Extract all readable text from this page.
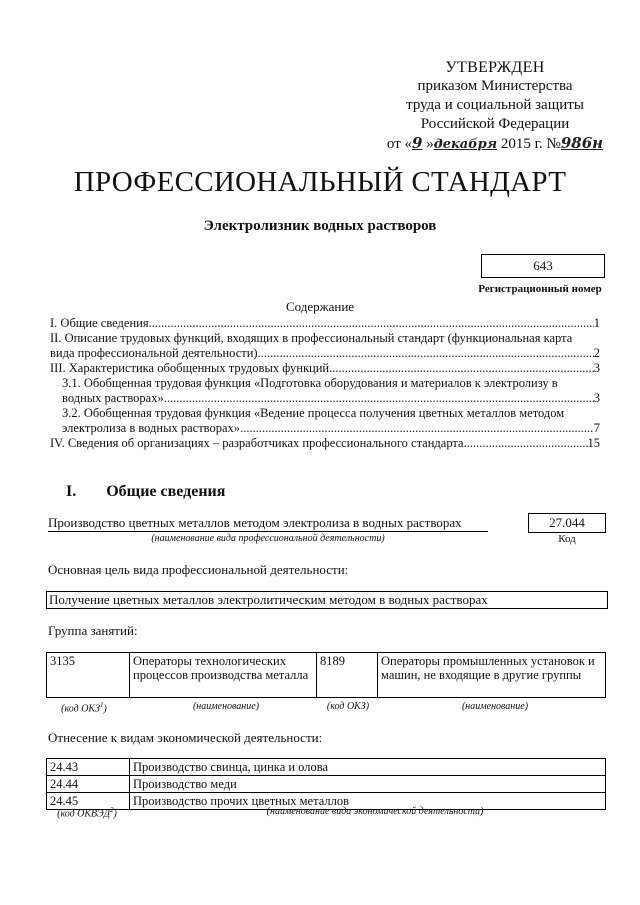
УТВЕРЖДЕН
приказом Министерства
труда и социальной защиты
Российской Федерации
от «9 »декабря 2015 г. №986н
ПРОФЕССИОНАЛЬНЫЙ СТАНДАРТ
Электролизник водных растворов
643
Регистрационный номер
Содержание
I. Общие сведения .....	1
II. Описание трудовых функций, входящих в профессиональный стандарт (функциональная карта
вида профессиональной деятельности) .....	2
III. Характеристика обобщенных трудовых функций .....	3
3.1. Обобщенная трудовая функция «Подготовка оборудования и материалов к электролизу в
водных растворах» .....	3
3.2. Обобщенная трудовая функция «Ведение процесса получения цветных металлов методом
электролиза в водных растворах» .....	7
IV. Сведения об организациях – разработчиках профессионального стандарта .....	15
I. Общие сведения
Производство цветных металлов методом электролиза в водных растворах
(наименование вида профессиональной деятельности)
27.044
Код
Основная цель вида профессиональной деятельности:
Получение цветных металлов электролитическим методом в водных растворах
Группа занятий:
3135	Операторы технологических процессов производства металла	8189	Операторы промышленных установок и машин, не входящие в другие группы
(код ОКЗ$^1$)	(наименование)	(код ОКЗ)	(наименование)
Отнесение к видам экономической деятельности:
24.43	Производство свинца, цинка и олова
24.44	Производство меди
24.45	Производство прочих цветных металлов
(код ОКВЭД$^2$)	(наименование вида экономической деятельности)
